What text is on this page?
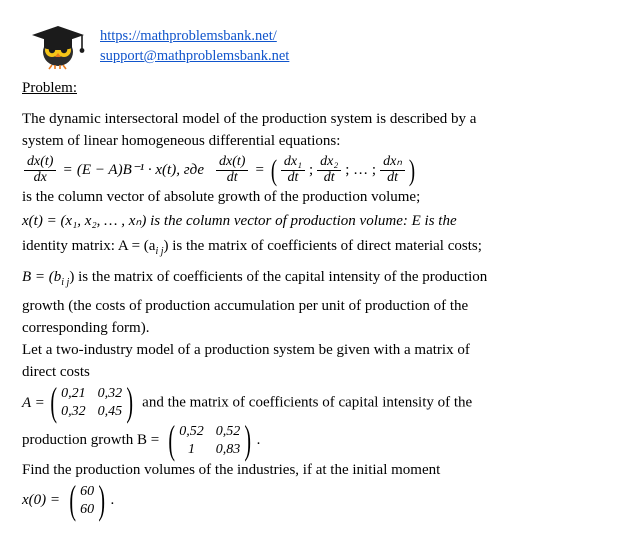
https://mathproblemsbank.net/
support@mathproblemsbank.net
Problem:

The dynamic intersectoral model of the production system is described by a

system of linear homogeneous differential equations:

$\frac{dx(t)}{dx} = (E - A)B^{-1} \cdot x(t)$, где $\frac{dx(t)}{dt}$ = ( $\frac{\text{dx₁}}{dt}$ ; $\frac{\text{dx₂}}{dt}$ ; … ; $\frac{\text{dxₙ}}{dt}$ )

is the column vector of absolute growth of the production volume;

x(t) = (x₁, x₂, … , xₙ) is the column vector of production volume: E is the

identity matrix: $A = (a_{i j})$ is the matrix of coefficients of direct material costs;

$B = (b_{i j})$ is the matrix of coefficients of the capital intensity of the production

growth (the costs of production accumulation per unit of production of the

corresponding form).

Let a two-industry model of a production system be given with a matrix of

direct costs

A = ( 0,21 0,32
0,32 0,45 ) and the matrix of coefficients of capital intensity of the

production growth B = ( 0,52 0,52
1	0,83 ) .

Find the production volumes of the industries, if at the initial moment

x(0) = ( 60
60 ) .
